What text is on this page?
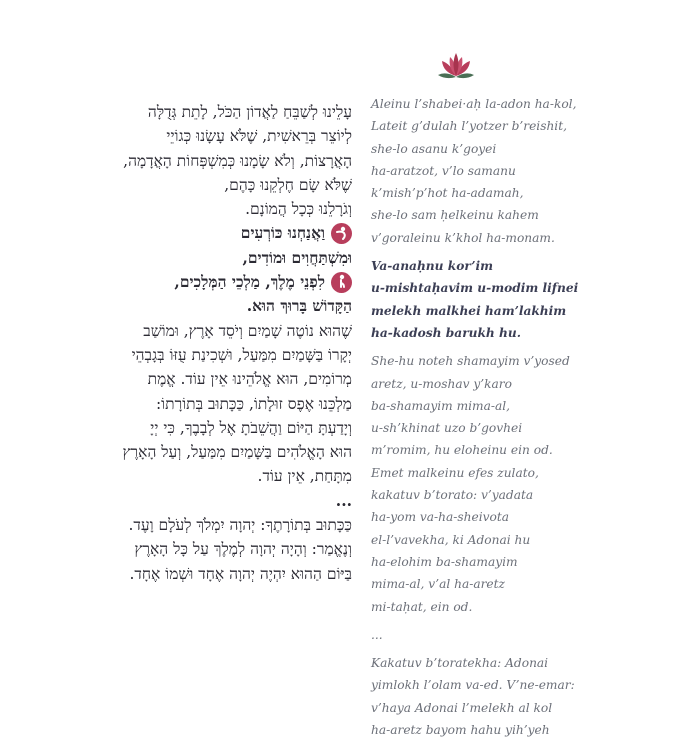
עָלֵינוּ לְשַׁבֵּחַ לַאֲדוֹן הַכֹּל, לָתֵת גְּדֻלָּה
לְיוֹצֵר בְּרֵאשִׁית, שֶׁלֹּא עָשָׂנוּ כְּגוֹיֵי
הָאֲרָצוֹת, וְלֹא שָׂמָנוּ כְּמִשְׁפְּחוֹת הָאֲדָמָה,
שֶׁלֹּא שָׂם חֶלְקֵנוּ כָּהֶם,
וְגֹרָלֵנוּ כְּכָל הֲמוֹנָם.
וַאֲנַחְנוּ כּוֹרְעִים
וּמִשְׁתַּחֲוִים וּמוֹדִים,
לִפְנֵי מֶלֶךְ, מַלְכֵי הַמְּלָכִים,
הַקָּדוֹשׁ בָּרוּךְ הוּא.
שֶׁהוּא נוֹטֶה שָׁמַיִם וְיֹסֵד אָרֶץ, וּמוֹשַׁב
יְקָרוֹ בַּשָּׁמַיִם מִמַּעַל, וּשְׁכִינַת עֻזּוֹ בְּגָבְהֵי
מְרוֹמִים, הוּא אֱלֹהֵינוּ אֵין עוֹד. אֱמֶת
מַלְכֵּנוּ אֶפֶס זוּלָתוֹ, כַּכָּתוּב בְּתוֹרָתוֹ:
וְיָדַעְתָּ הַיּוֹם וַהֲשֵׁבֹתָ אֶל לְבָבֶךָ, כִּי יְיָ
הוּא הָאֱלֹהִים בַּשָּׁמַיִם מִמַּעַל, וְעַל הָאָרֶץ
מִתָּחַת, אֵין עוֹד.
...
כַּכָּתוּב בְּתוֹרָתֶךָ: יְהוָה יִמְלֹךְ לְעֹלָם וָעֶד.
וְנֶאֱמַר: וְהָיָה יְהוָה לְמֶלֶךְ עַל כָּל הָאָרֶץ
בַּיּוֹם הַהוּא יִהְיֶה יְהוָה אֶחָד וּשְׁמוֹ אֶחָד.
Aleinu l’shabei·aḥ la-adon ha-kol,
Lateit g’dulah l’yotzer b’reishit,
she-lo asanu k’goyei
ha-aratzot, v’lo samanu
k’mish’p’hot ha-adamah,
she-lo sam ḥelkeinu kahem
v’goraleinu k’khol ha-monam.
Va-anaḥnu kor’im
u-mishtaḥavim u-modim lifnei
melekh malkhei ham’lakhim
ha-kadosh barukh hu.
She-hu noteh shamayim v’yosed
aretz, u-moshav y’karo
ba-shamayim mima-al,
u-sh’khinat uzo b’govhei
m’romim, hu eloheinu ein od.
Emet malkeinu efes zulato,
kakatuv b’torato: v’yadata
ha-yom va-ha-sheivota
el-l’vavekha, ki Adonai hu
ha-elohim ba-shamayim
mima-al, v’al ha-aretz
mi-taḥat, ein od.
...
Kakatuv b’toratekha: Adonai
yimlokh l’olam va-ed. V’ne-emar:
v’haya Adonai l’melekh al kol
ha-aretz bayom hahu yih’yeh
